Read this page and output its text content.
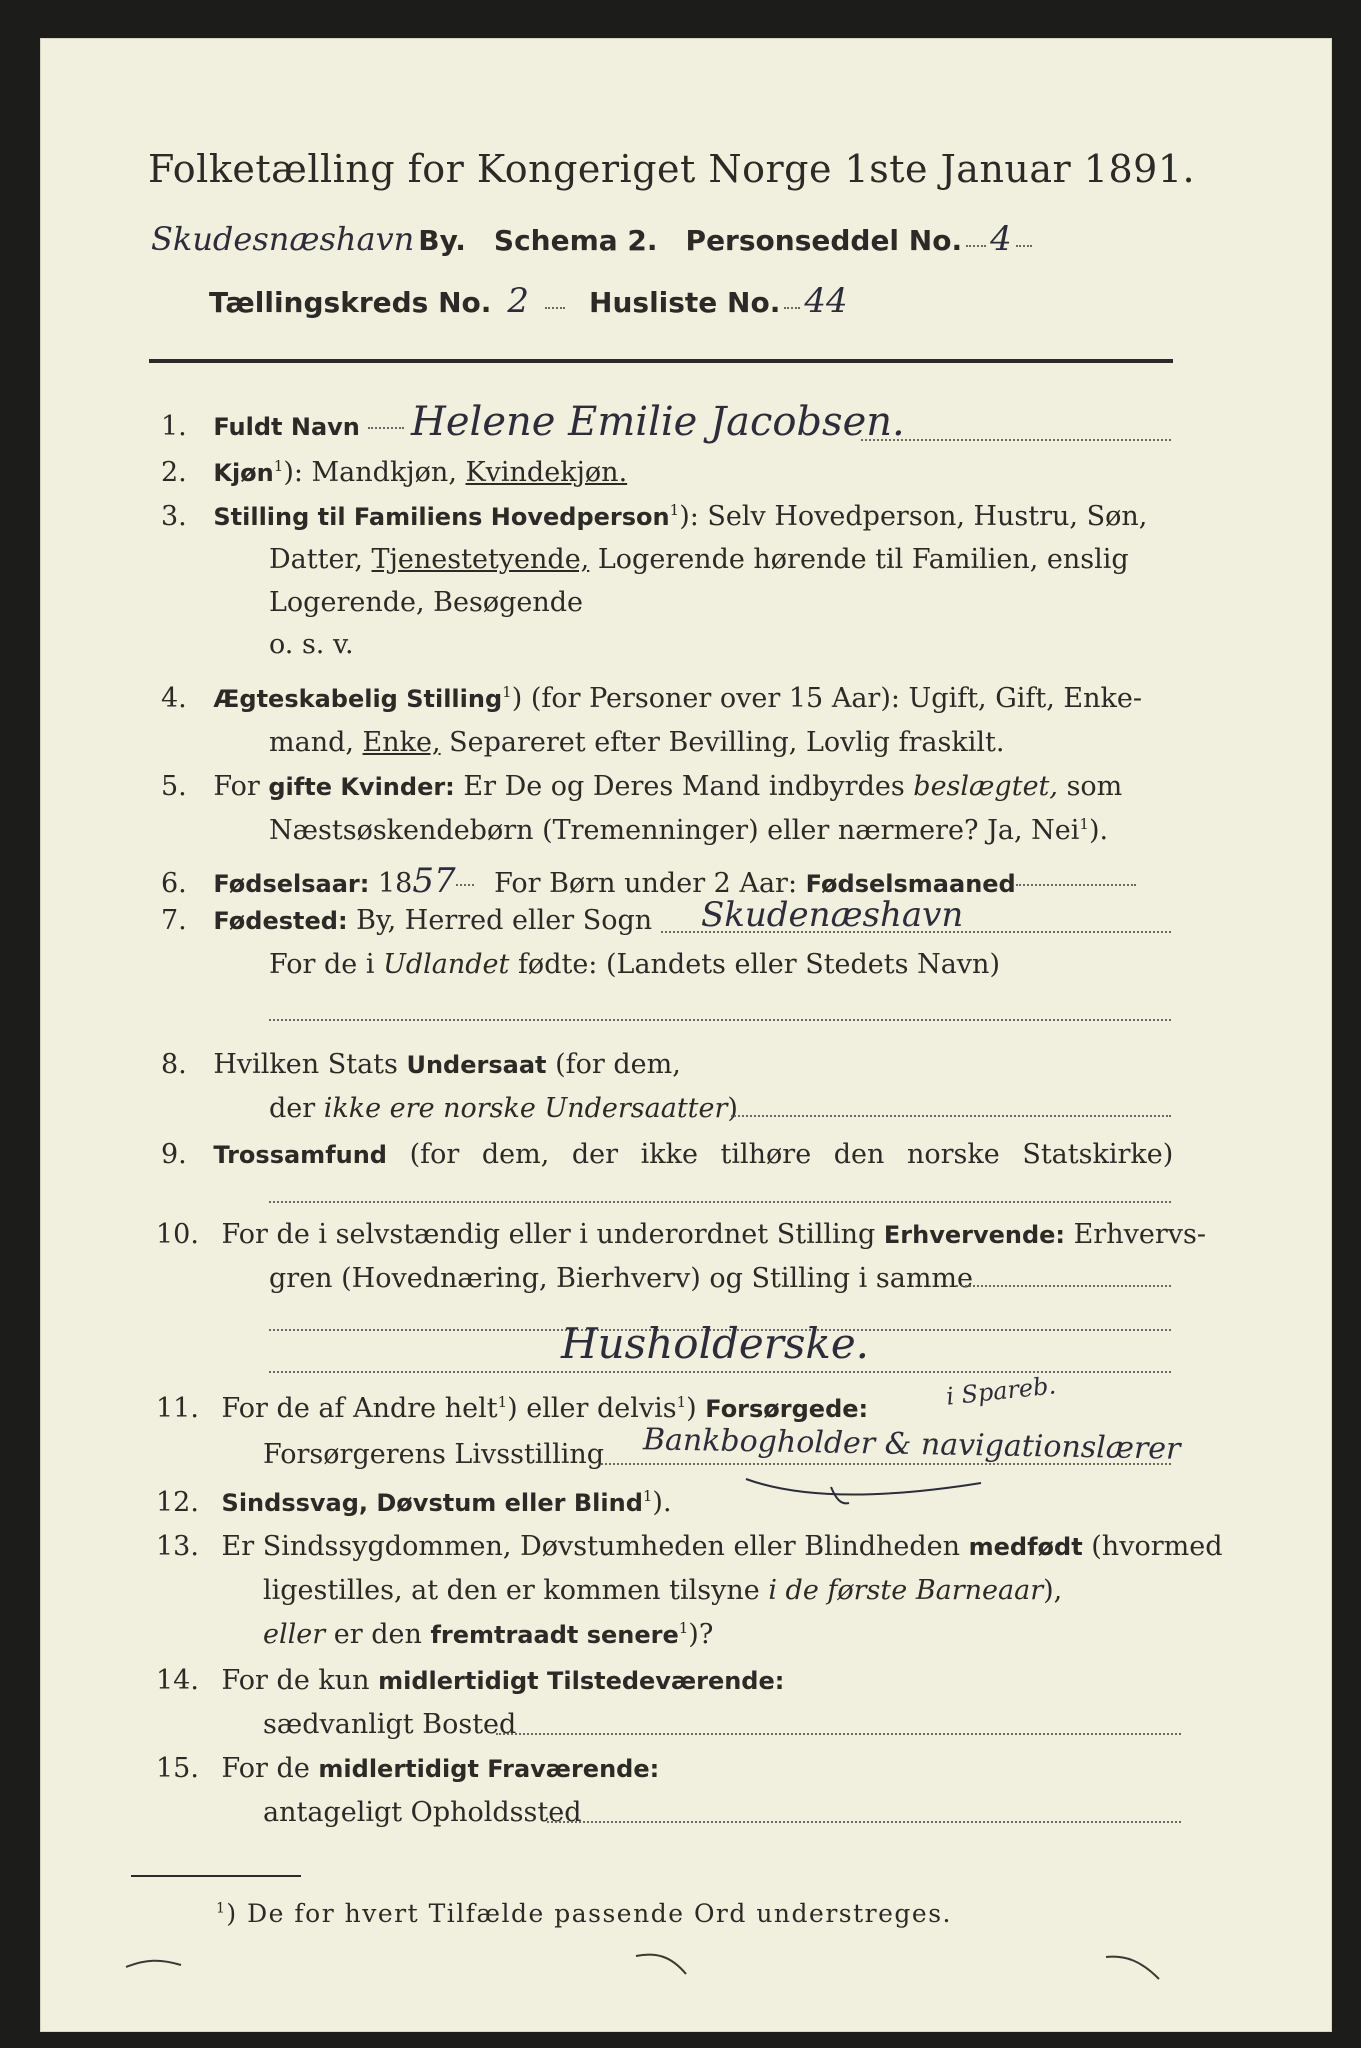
Folketælling for Kongeriget Norge 1ste Januar 1891.
Skudesnæshavn By. Schema 2. Personseddel No. 4
Tællingskreds No. 2 Husliste No. 44
1. Fuldt Navn	Helene Emilie Jacobsen.
2. Kjøn$^1$): Mandkjøn, Kvindekjøn.
3. Stilling til Familiens Hovedperson$^1$): Selv Hovedperson, Hustru, Søn,
Datter, Tjenestetyende, Logerende hørende til Familien, enslig
Logerende, Besøgende
o. s. v.
4. Ægteskabelig Stilling$^1$) (for Personer over 15 Aar): Ugift, Gift, Enke-
mand, Enke, Separeret efter Bevilling, Lovlig fraskilt.
5. For gifte Kvinder: Er De og Deres Mand indbyrdes beslægtet, som
Næstsøskendebørn (Tremenninger) eller nærmere? Ja, Nei$^1$).
6. Fødselsaar: 1857 For Børn under 2 Aar: Fødselsmaaned
7. Fødested: By, Herred eller Sogn Skudenæshavn
For de i Udlandet fødte: (Landets eller Stedets Navn)
8. Hvilken Stats Undersaat (for dem,
der ikke ere norske Undersaatter)
9. Trossamfund (for dem, der ikke tilhøre den norske Statskirke)
10. For de i selvstændig eller i underordnet Stilling Erhvervende: Erhvervs-
gren (Hovednæring, Bierhverv) og Stilling i samme
Husholderske.
i Spareb.
11. For de af Andre helt$^1$) eller delvis$^1$) Forsørgede:
Forsørgerens Livsstilling Bankbogholder & navigationslærer
12. Sindssvag, Døvstum eller Blind$^1$).
13. Er Sindssygdommen, Døvstumheden eller Blindheden medfødt (hvormed
ligestilles, at den er kommen tilsyne i de første Barneaar),
eller er den fremtraadt senere$^1$)?
14. For de kun midlertidigt Tilstedeværende:
sædvanligt Bosted
15. For de midlertidigt Fraværende:
antageligt Opholdssted
$^1$) De for hvert Tilfælde passende Ord understreges.
